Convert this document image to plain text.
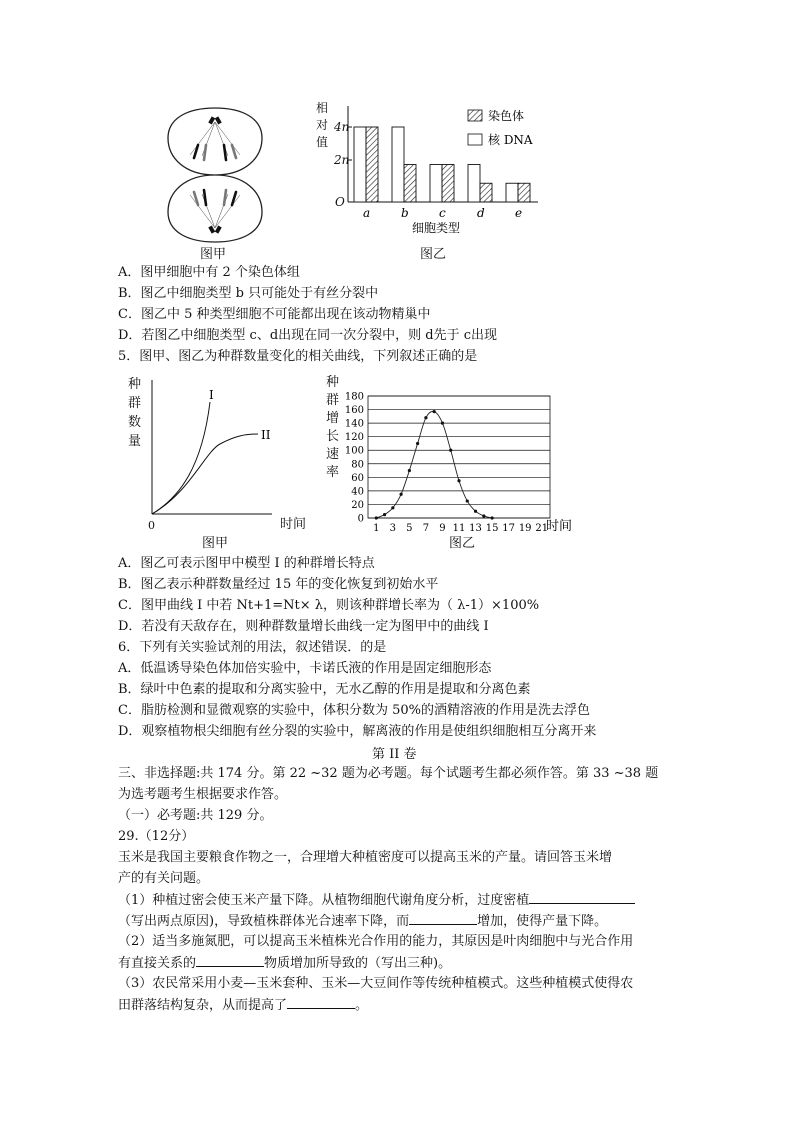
图甲
相
对
值
4n
2n
O
染色体
核 DNA
a	b	c	d	e
细胞类型
图乙
A．图甲细胞中有 2 个染色体组
B．图乙中细胞类型 b 只可能处于有丝分裂中
C．图乙中 5 种类型细胞不可能都出现在该动物精巢中
D．若图乙中细胞类型 c、d出现在同一次分裂中，则 d先于 c出现
5．图甲、图乙为种群数量变化的相关曲线，下列叙述正确的是
种
群
数
量
0	时间
I
II
图甲
种
群
增
长
速
率
0
20
40
60
80
100
120
140
160
180
1 3 5 7 9 11 13 15 17 19 21
时间
图乙
A．图乙可表示图甲中模型 I 的种群增长特点
B．图乙表示种群数量经过 15 年的变化恢复到初始水平
C．图甲曲线 I 中若 Nt+1=Nt× λ，则该种群增长率为（ λ-1）×100%
D．若没有天敌存在，则种群数量增长曲线一定为图甲中的曲线 I
6．下列有关实验试剂的用法，叙述错误．的是
A．低温诱导染色体加倍实验中，卡诺氏液的作用是固定细胞形态
B．绿叶中色素的提取和分离实验中，无水乙醇的作用是提取和分离色素
C．脂肪检测和显微观察的实验中，体积分数为 50%的酒精溶液的作用是洗去浮色
D．观察植物根尖细胞有丝分裂的实验中，解离液的作用是使组织细胞相互分离开来
第 II 卷
三、非选择题:共 174 分。第 22 ~32 题为必考题。每个试题考生都必须作答。第 33 ~38 题
为选考题考生根据要求作答。
（一）必考题:共 129 分。
29.（12分）
玉米是我国主要粮食作物之一，合理增大种植密度可以提高玉米的产量。请回答玉米增
产的有关问题。
（1）种植过密会使玉米产量下降。从植物细胞代谢角度分析，过度密植
（写出两点原因)，导致植株群体光合速率下降，而	增加，使得产量下降。
（2）适当多施氮肥，可以提高玉米植株光合作用的能力，其原因是叶肉细胞中与光合作用
有直接关系的	物质增加所导致的（写出三种)。
（3）农民常采用小麦—玉米套种、玉米—大豆间作等传统种植模式。这些种植模式使得农
田群落结构复杂，从而提高了	。
